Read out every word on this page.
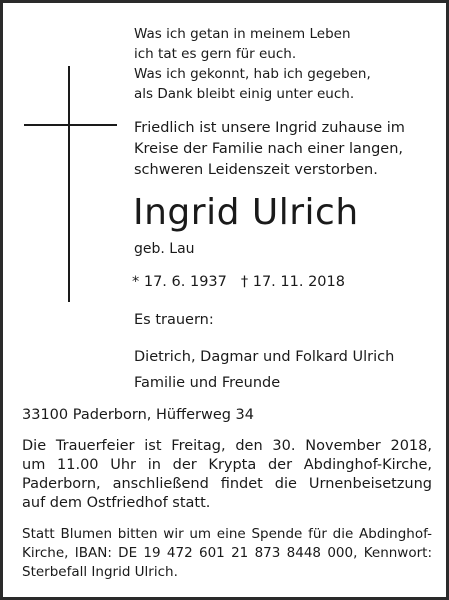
Was ich getan in meinem Leben
ich tat es gern für euch.
Was ich gekonnt, hab ich gegeben,
als Dank bleibt einig unter euch.
Friedlich ist unsere Ingrid zuhause im
Kreise der Familie nach einer langen,
schweren Leidenszeit verstorben.
Ingrid Ulrich
geb. Lau
* 17. 6. 1937 † 17. 11. 2018
Es trauern:
Dietrich, Dagmar und Folkard Ulrich
Familie und Freunde
33100 Paderborn, Hüfferweg 34
Die Trauerfeier ist Freitag, den 30. November 2018,
um 11.00 Uhr in der Krypta der Abdinghof-Kirche,
Paderborn, anschließend findet die Urnenbeisetzung
auf dem Ostfriedhof statt.
Statt Blumen bitten wir um eine Spende für die Abdinghof-
Kirche, IBAN: DE 19 472 601 21 873 8448 000, Kennwort:
Sterbefall Ingrid Ulrich.
